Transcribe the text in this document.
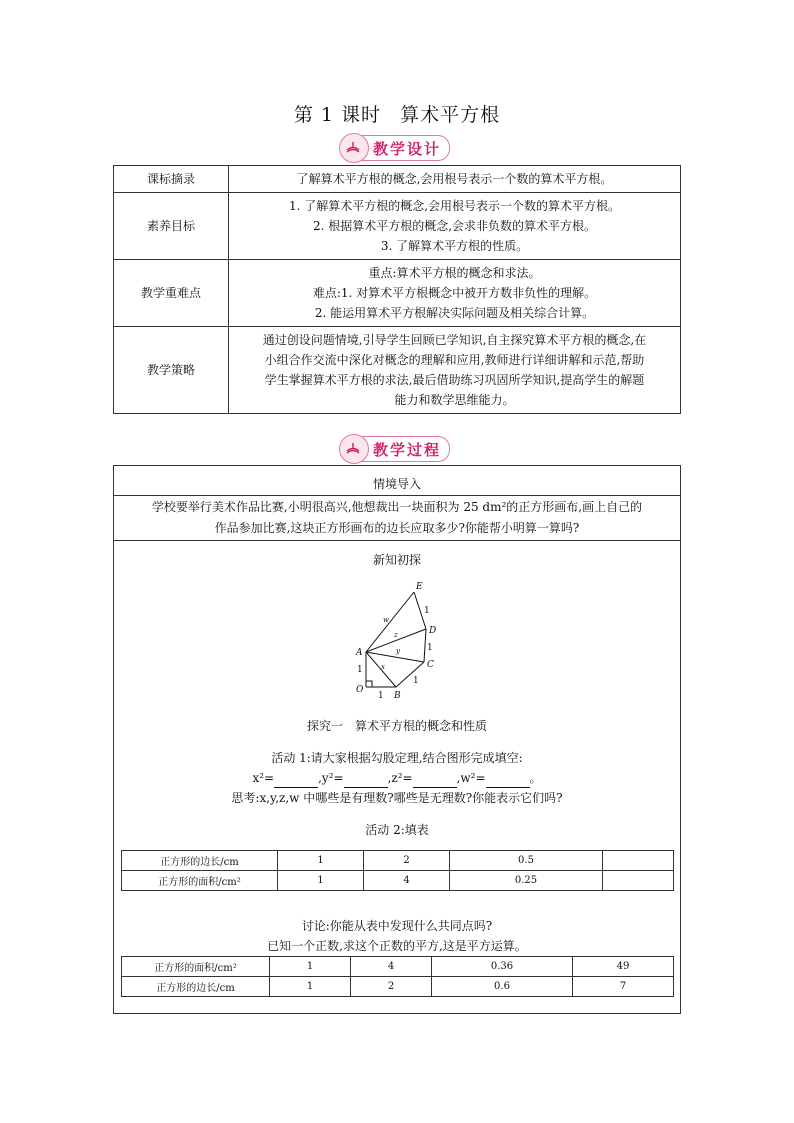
第 1 课时 算术平方根
教学设计
课标摘录	了解算术平方根的概念,会用根号表示一个数的算术平方根。

素养目标	1. 了解算术平方根的概念,会用根号表示一个数的算术平方根。
2. 根据算术平方根的概念,会求非负数的算术平方根。
3. 了解算术平方根的性质。

教学重难点	重点:算术平方根的概念和求法。
难点:1. 对算术平方根概念中被开方数非负性的理解。
2. 能运用算术平方根解决实际问题及相关综合计算。

教学策略	通过创设问题情境,引导学生回顾已学知识,自主探究算术平方根的概念,在
小组合作交流中深化对概念的理解和应用,教师进行详细讲解和示范,帮助
学生掌握算术平方根的求法,最后借助练习巩固所学知识,提高学生的解题
能力和数学思维能力。
教学过程
情境导入
学校要举行美术作品比赛,小明很高兴,他想裁出一块面积为 25 dm²的正方形画布,画上自己的
作品参加比赛,这块正方形画布的边长应取多少?你能帮小明算一算吗?
新知初探
E
D
C
B
A
O
w
z
y
x
1
1
1
1
1
探究一　算术平方根的概念和性质
活动 1:请大家根据勾股定理,结合图形完成填空:
x²=	,y²=	,z²=	,w²=	。
思考:x,y,z,w 中哪些是有理数?哪些是无理数?你能表示它们吗?
活动 2:填表
正方形的边长/cm	1	2	0.5	
正方形的面积/cm²	1	4	0.25	
讨论:你能从表中发现什么共同点吗?
已知一个正数,求这个正数的平方,这是平方运算。
正方形的面积/cm²	1	4	0.36	49
正方形的边长/cm	1	2	0.6	7
